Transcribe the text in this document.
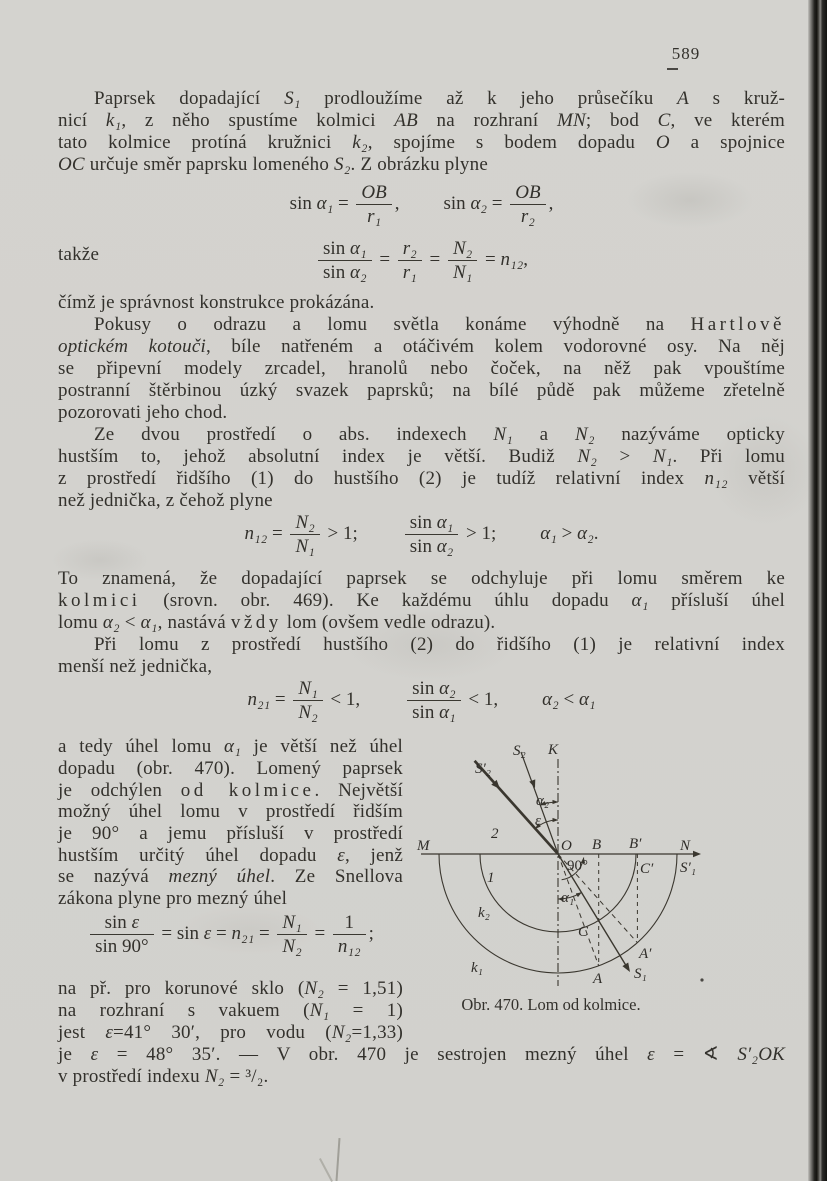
589
Paprsek dopadající S₁ prodloužíme až k jeho průsečíku A s kruž-
nicí k₁, z něho spustíme kolmici AB na rozhraní MN; bod C, ve kterém
tato kolmice protíná kružnici k₂, spojíme s bodem dopadu O a spojnice
OC určuje směr paprsku lomeného S₂. Z obrázku plyne
$\sin \alpha_1 = \frac{OB}{\text{r₁}}$ , $\sin \alpha_2 = \frac{OB}{\text{r₂}}$ ,
takže	$\frac{\text{sin α₁}}{\text{sin α₂}} = \frac{\text{r₂}}{\text{r₁}} = \frac{\text{N₂}}{\text{N₁}} = n_{12}$,
čímž je správnost konstrukce prokázána.
Pokusy o odrazu a lomu světla konáme výhodně na Hartlově
optickém kotouči, bíle natřeném a otáčivém kolem vodorovné osy. Na něj
se připevní modely zrcadel, hranolů nebo čoček, na něž pak vpouštíme
postranní štěrbinou úzký svazek paprsků; na bílé půdě pak můžeme zřetelně
pozorovati jeho chod.
Ze dvou prostředí o abs. indexech N₁ a N₂ nazýváme opticky
hustším to, jehož absolutní index je větší. Budiž N₂ > N₁. Při lomu
z prostředí řidšího (1) do hustšího (2) je tudíž relativní index n₁₂ větší
než jednička, z čehož plyne
$n_{12} = \frac{\text{N₂}}{\text{N₁}} > 1$; $\frac{\text{sin α₁}}{\text{sin α₂}} > 1$; α₁ > α₂.
To znamená, že dopadající paprsek se odchyluje při lomu směrem ke
kolmici (srovn. obr. 469). Ke každému úhlu dopadu α₁ přísluší úhel
lomu α₂ < α₁, nastává vždy lom (ovšem vedle odrazu).
Při lomu z prostředí hustšího (2) do řidšího (1) je relativní index
menší než jednička,
$n_{21} = \frac{\text{N₁}}{\text{N₂}} < 1$, $\frac{\text{sin α₂}}{\text{sin α₁}} < 1$, α₂ < α₁
a tedy úhel lomu α₁ je větší než úhel
dopadu (obr. 470). Lomený paprsek
je odchýlen od kolmice. Největší
možný úhel lomu v prostředí řidším
je 90° a jemu přísluší v prostředí
hustším určitý úhel dopadu ε, jenž
se nazývá mezný úhel. Ze Snellova
zákona plyne pro mezný úhel
$\frac{\text{sin ε}}{\sin 90^\circ} = \sin \varepsilon = n_{21} = \frac{\text{N₁}}{\text{N₂}} = \frac{1}{\text{n₁₂}}$ ;
na př. pro korunové sklo (N₂ = 1,51)
na rozhraní s vakuem (N₁ = 1)
jest ε=41° 30′, pro vodu (N₂=1,33)
je ε = 48° 35′. — V obr. 470 je sestrojen mezný úhel ε = ∢ S′₂OK
v prostředí indexu N₂ = ³/₂.
K
S₂
S′₂
α₂
ε
2
M	O B B′	N
S′₁
C′
1
90°
α₁
k₂
C
A′
k₁
A S₁
Obr. 470. Lom od kolmice.
